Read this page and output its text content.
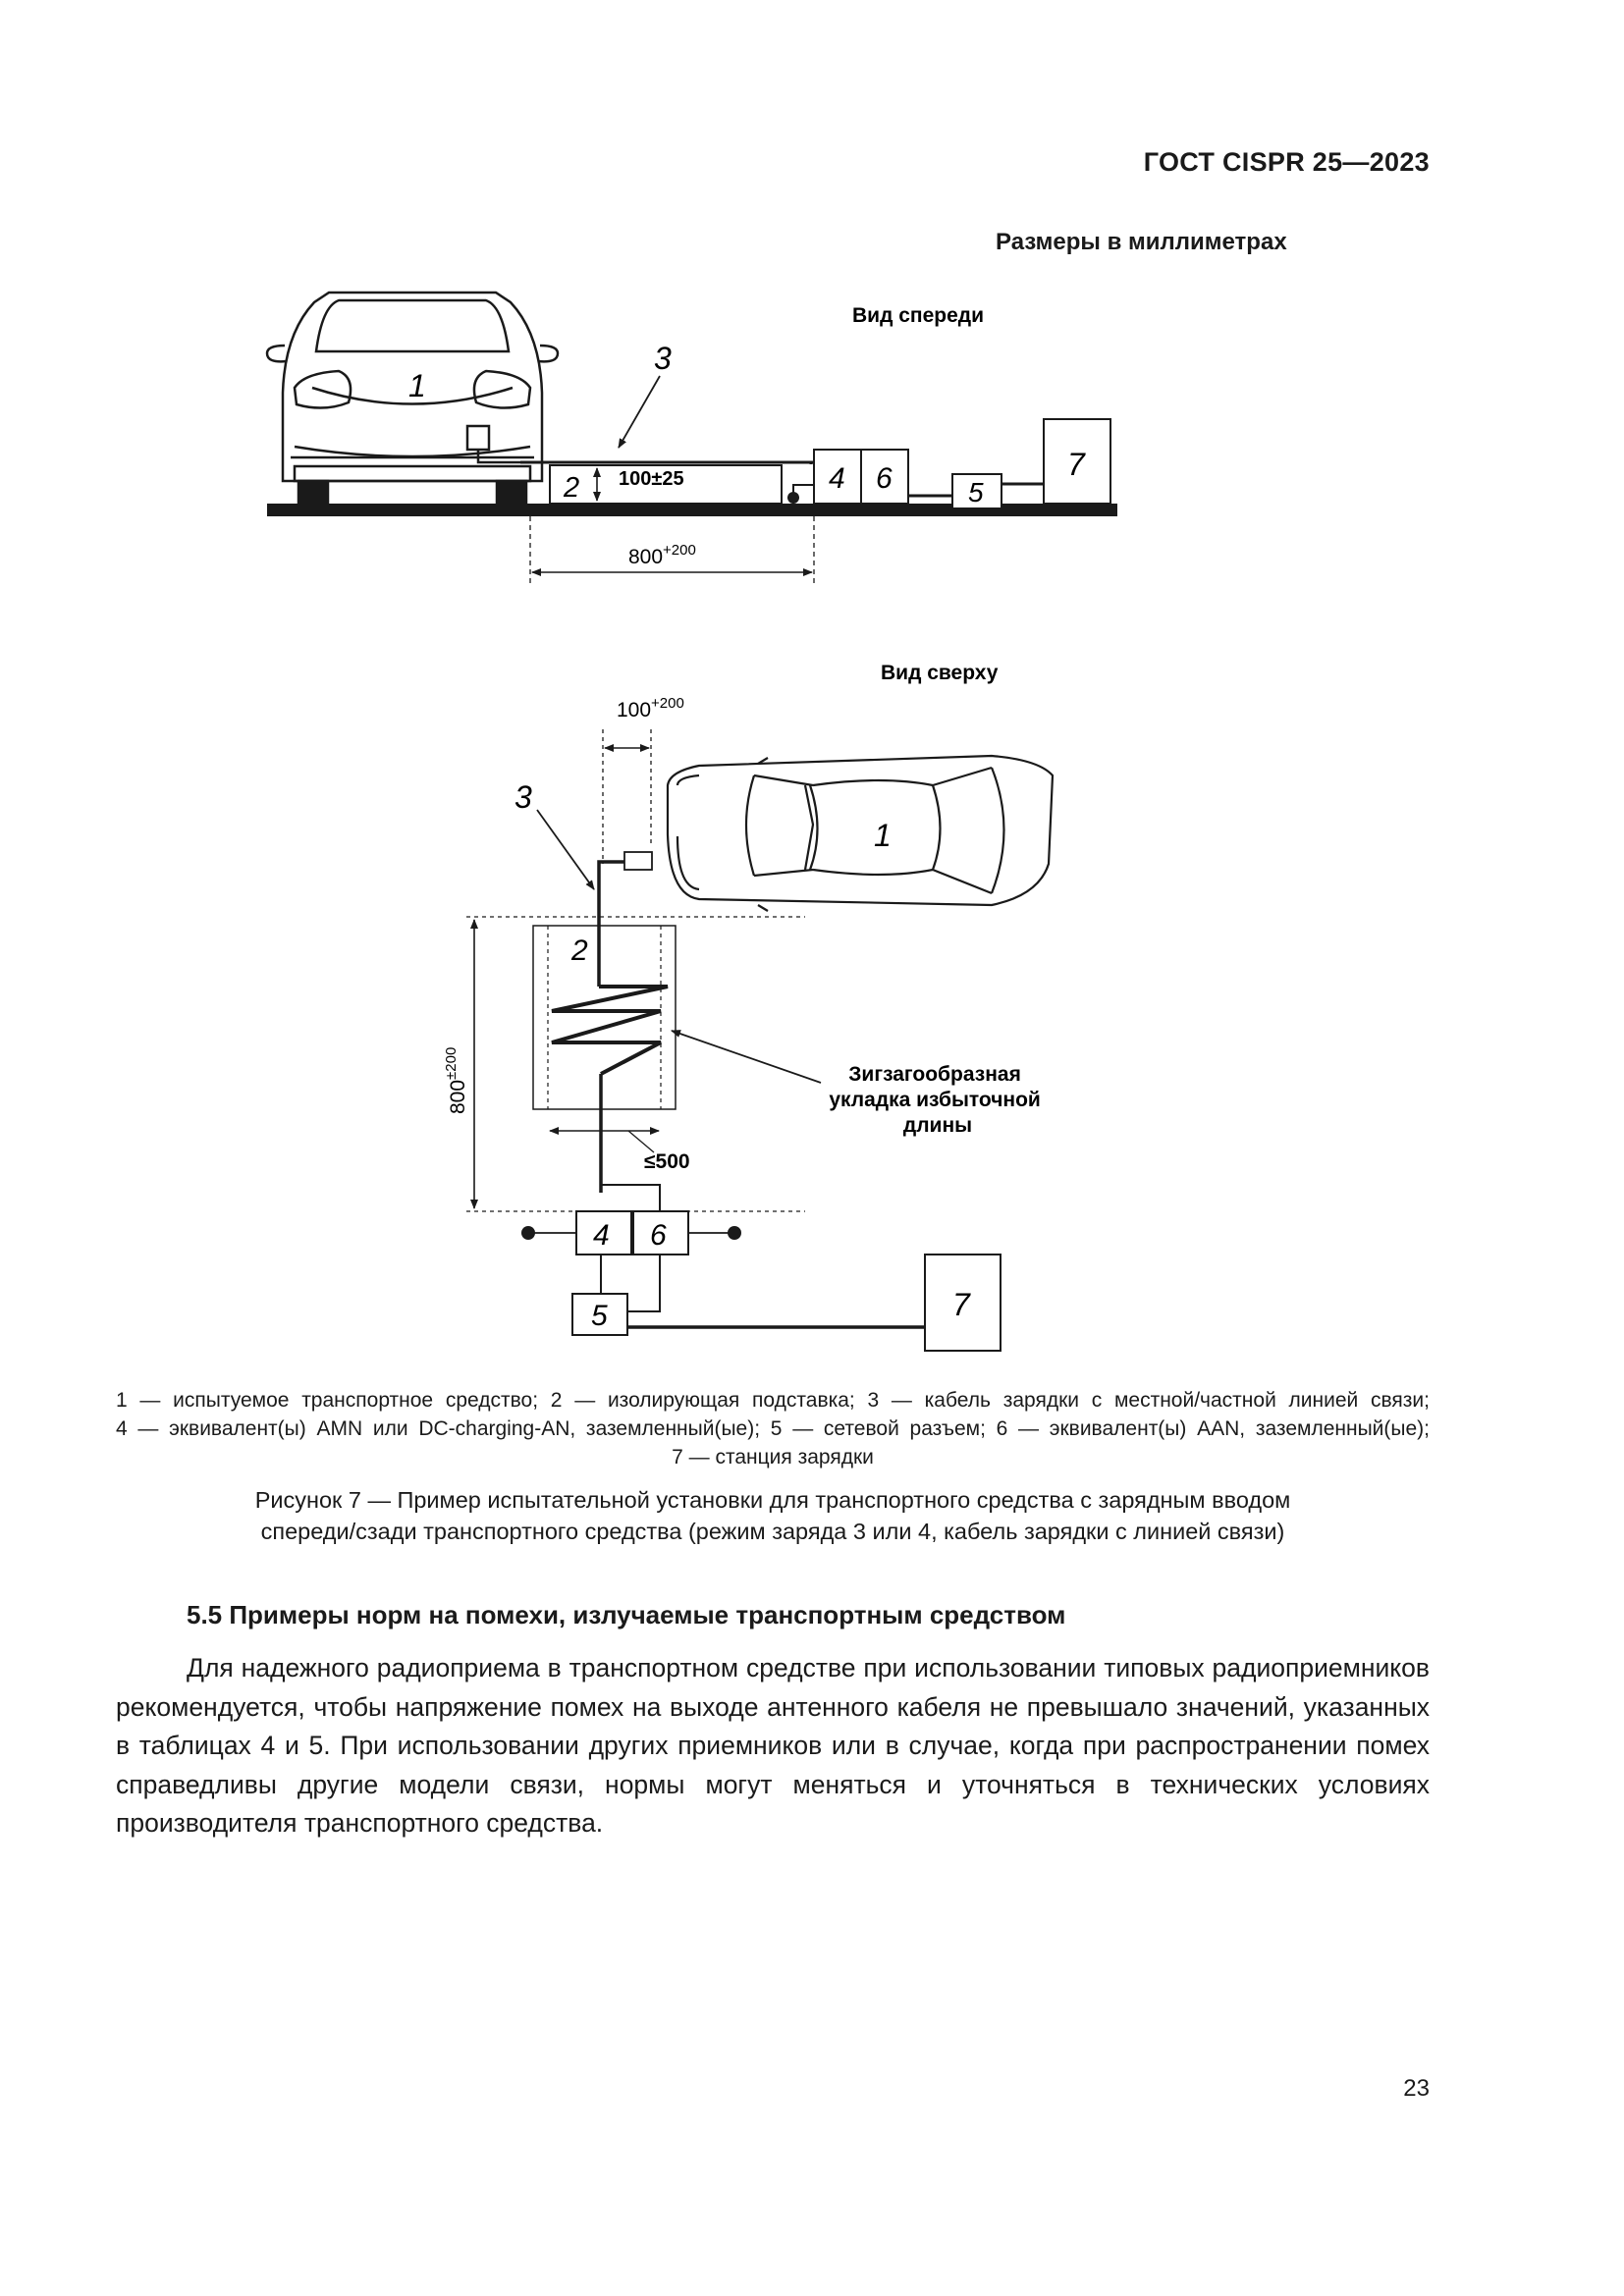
ГОСТ CISPR 25—2023
Размеры в миллиметрах
Вид спереди
1
3
2 100±25	4 6	5
7
$800^{+200}$
Вид сверху
1
3
$100^{+200}$
$800^{\pm 200}$
2
Зигзагообразная укладка избыточной длины
≤500
4 6
5	7
1 — испытуемое транспортное средство; 2 — изолирующая подставка; 3 — кабель зарядки с местной/частной линией связи;
4 — эквивалент(ы) AMN или DC-charging-AN, заземленный(ые); 5 — сетевой разъем; 6 — эквивалент(ы) AAN, заземленный(ые);
7 — станция зарядки
Рисунок 7 — Пример испытательной установки для транспортного средства с зарядным вводом
спереди/сзади транспортного средства (режим заряда 3 или 4, кабель зарядки с линией связи)
5.5 Примеры норм на помехи, излучаемые транспортным средством
Для надежного радиоприема в транспортном средстве при использовании типовых радиоприемников рекомендуется, чтобы напряжение помех на выходе антенного кабеля не превышало значений, указанных в таблицах 4 и 5. При использовании других приемников или в случае, когда при распространении помех справедливы другие модели связи, нормы могут меняться и уточняться в технических условиях производителя транспортного средства.
23
